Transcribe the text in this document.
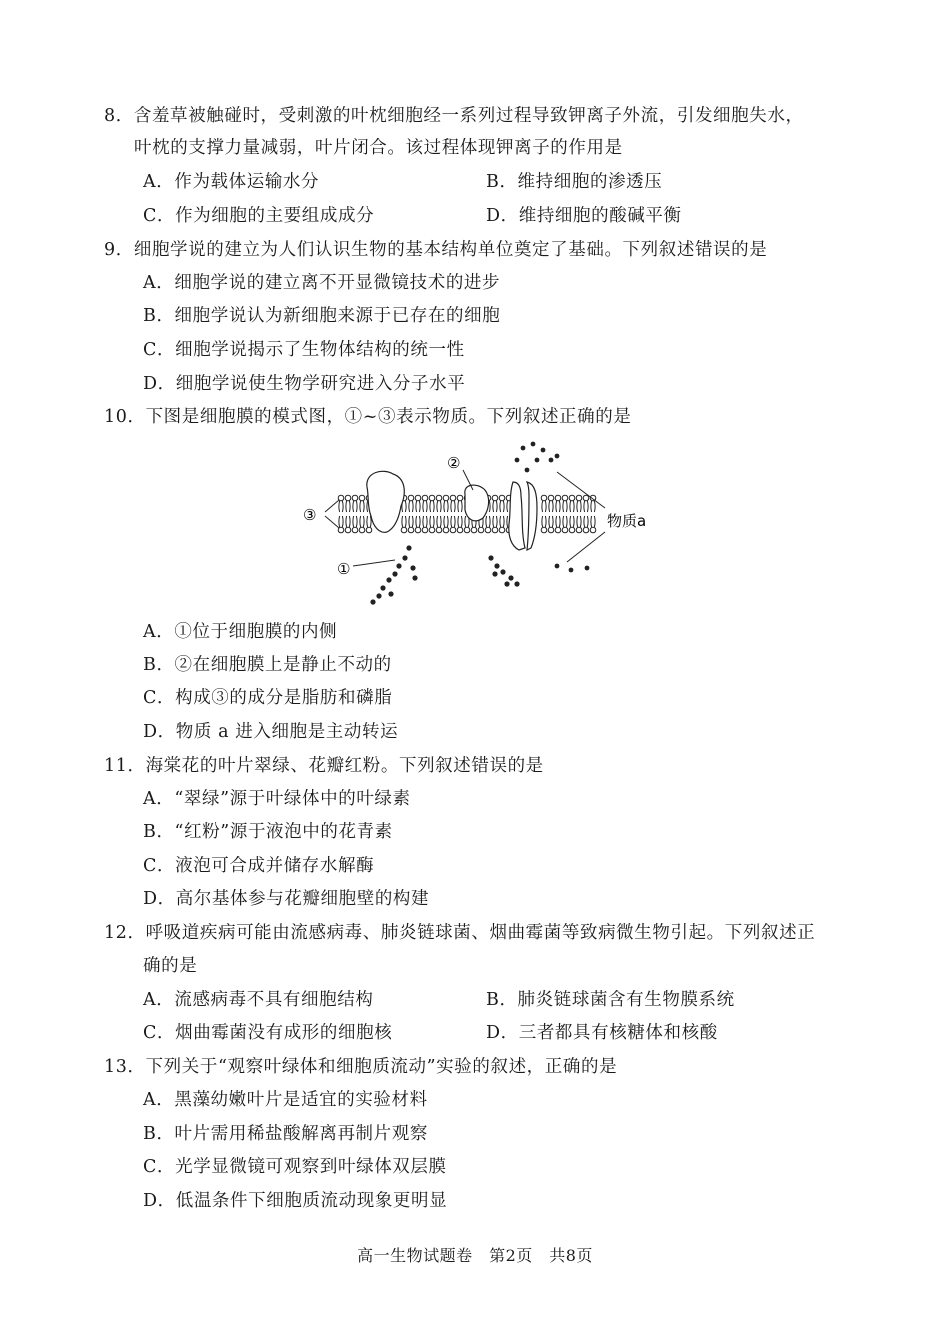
8．含羞草被触碰时，受刺激的叶枕细胞经一系列过程导致钾离子外流，引发细胞失水，
叶枕的支撑力量减弱，叶片闭合。该过程体现钾离子的作用是
A．作为载体运输水分	B．维持细胞的渗透压
C．作为细胞的主要组成成分	D．维持细胞的酸碱平衡
9．细胞学说的建立为人们认识生物的基本结构单位奠定了基础。下列叙述错误的是
A．细胞学说的建立离不开显微镜技术的进步
B．细胞学说认为新细胞来源于已存在的细胞
C．细胞学说揭示了生物体结构的统一性
D．细胞学说使生物学研究进入分子水平
10．下图是细胞膜的模式图，①~③表示物质。下列叙述正确的是
③
②
①
物质a
A．①位于细胞膜的内侧
B．②在细胞膜上是静止不动的
C．构成③的成分是脂肪和磷脂
D．物质 a 进入细胞是主动转运
11．海棠花的叶片翠绿、花瓣红粉。下列叙述错误的是
A．“翠绿”源于叶绿体中的叶绿素
B．“红粉”源于液泡中的花青素
C．液泡可合成并储存水解酶
D．高尔基体参与花瓣细胞壁的构建
12．呼吸道疾病可能由流感病毒、肺炎链球菌、烟曲霉菌等致病微生物引起。下列叙述正
确的是
A．流感病毒不具有细胞结构	B．肺炎链球菌含有生物膜系统
C．烟曲霉菌没有成形的细胞核	D．三者都具有核糖体和核酸
13．下列关于“观察叶绿体和细胞质流动”实验的叙述，正确的是
A．黑藻幼嫩叶片是适宜的实验材料
B．叶片需用稀盐酸解离再制片观察
C．光学显微镜可观察到叶绿体双层膜
D．低温条件下细胞质流动现象更明显
高一生物试题卷　第2页　共8页
